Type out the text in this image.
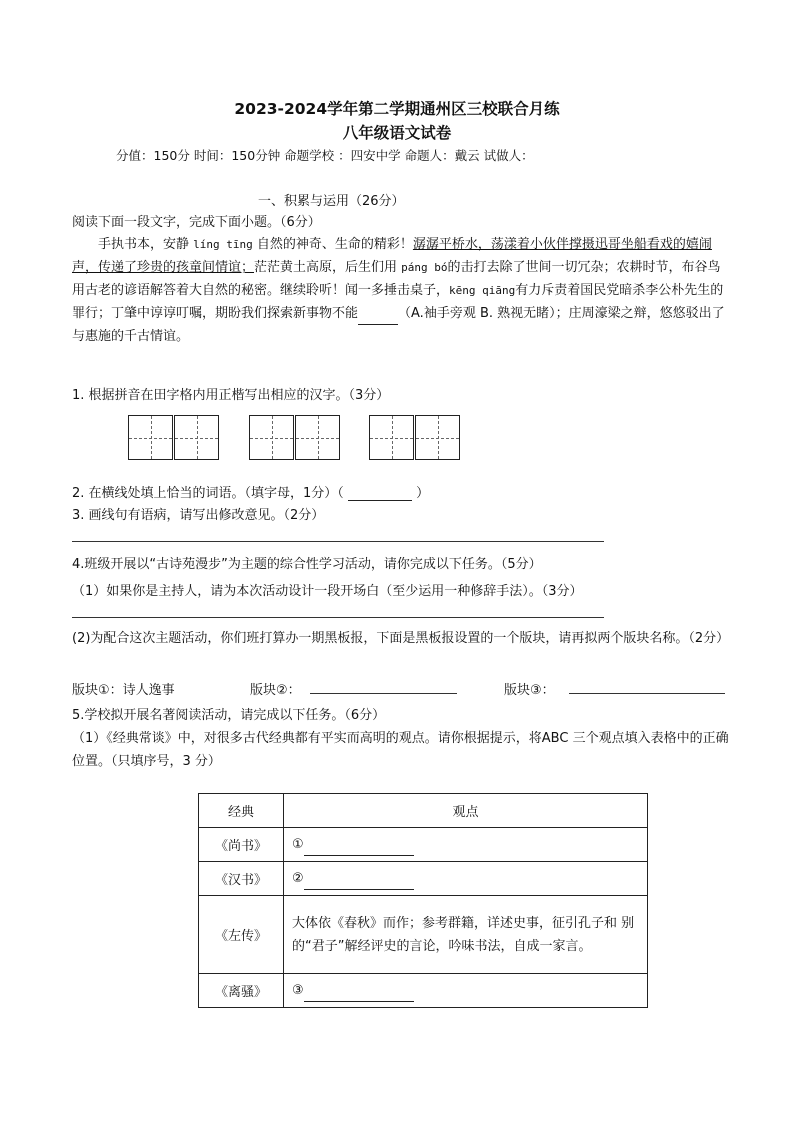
2023-2024学年第二学期通州区三校联合月练
八年级语文试卷
分值：150分 时间：150分钟 命题学校 ：四安中学 命题人：戴云 试做人：
一、积累与运用（26分）
阅读下面一段文字，完成下面小题。（6分）
手执书本，安静 líng tīng 自然的神奇、生命的精彩！潺潺平桥水，荡漾着小伙伴撑摄迅哥坐船看戏的嬉闹声，传递了珍贵的孩童间情谊；茫茫黄土高原，后生们用 páng bó的击打去除了世间一切冗杂；农耕时节，布谷鸟用古老的谚语解答着大自然的秘密。继续聆听！闻一多捶击桌子，kēng qiāng有力斥责着国民党暗杀李公朴先生的罪行；丁肇中谆谆叮嘱，期盼我们探索新事物不能	（A.袖手旁观 B. 熟视无睹）；庄周濠梁之辩，悠悠驳出了与惠施的千古情谊。
1. 根据拼音在田字格内用正楷写出相应的汉字。（3分）
2. 在横线处填上恰当的词语。（填字母，1分）（	）
3. 画线句有语病，请写出修改意见。（2分）
4.班级开展以“古诗苑漫步”为主题的综合性学习活动，请你完成以下任务。（5分）
（1）如果你是主持人，请为本次活动设计一段开场白（至少运用一种修辞手法）。（3分）
(2)为配合这次主题活动，你们班打算办一期黑板报，下面是黑板报设置的一个版块，请再拟两个版块名称。（2分）
版块①：诗人逸事	版块②：	版块③：
5.学校拟开展名著阅读活动，请完成以下任务。（6分）
（1）《经典常谈》中，对很多古代经典都有平实而高明的观点。请你根据提示，将ABC 三个观点填入表格中的正确位置。（只填序号，3 分）
经典	观点
《尚书》	①
《汉书》	②
《左传》	大体依《春秋》而作；参考群籍，详述史事，征引孔子和 别的“君子”解经评史的言论，吟味书法，自成一家言。
《离骚》	③
